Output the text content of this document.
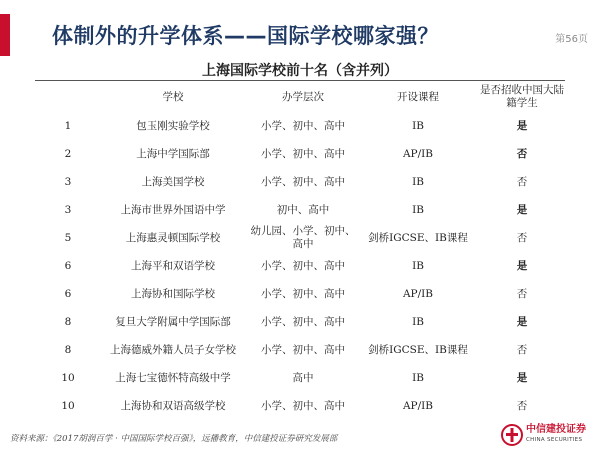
体制外的升学体系——国际学校哪家强？	第56页
上海国际学校前十名（含并列）
	学校	办学层次	开设课程	是否招收中国大陆籍学生
1	包玉刚实验学校	小学、初中、高中	IB	是
2	上海中学国际部	小学、初中、高中	AP/IB	否
3	上海美国学校	小学、初中、高中	IB	否
3	上海市世界外国语中学	初中、高中	IB	是
5	上海惠灵顿国际学校	幼儿园、小学、初中、高中	剑桥IGCSE、IB课程	否
6	上海平和双语学校	小学、初中、高中	IB	是
6	上海协和国际学校	小学、初中、高中	AP/IB	否
8	复旦大学附属中学国际部	小学、初中、高中	IB	是
8	上海德威外籍人员子女学校	小学、初中、高中	剑桥IGCSE、IB课程	否
10	上海七宝德怀特高级中学	高中	IB	是
10	上海协和双语高级学校	小学、初中、高中	AP/IB	否
资料来源：《2017胡润百学 · 中国国际学校百强》，远播教育，中信建投证券研究发展部
中信建投证券
CHINA SECURITIES
